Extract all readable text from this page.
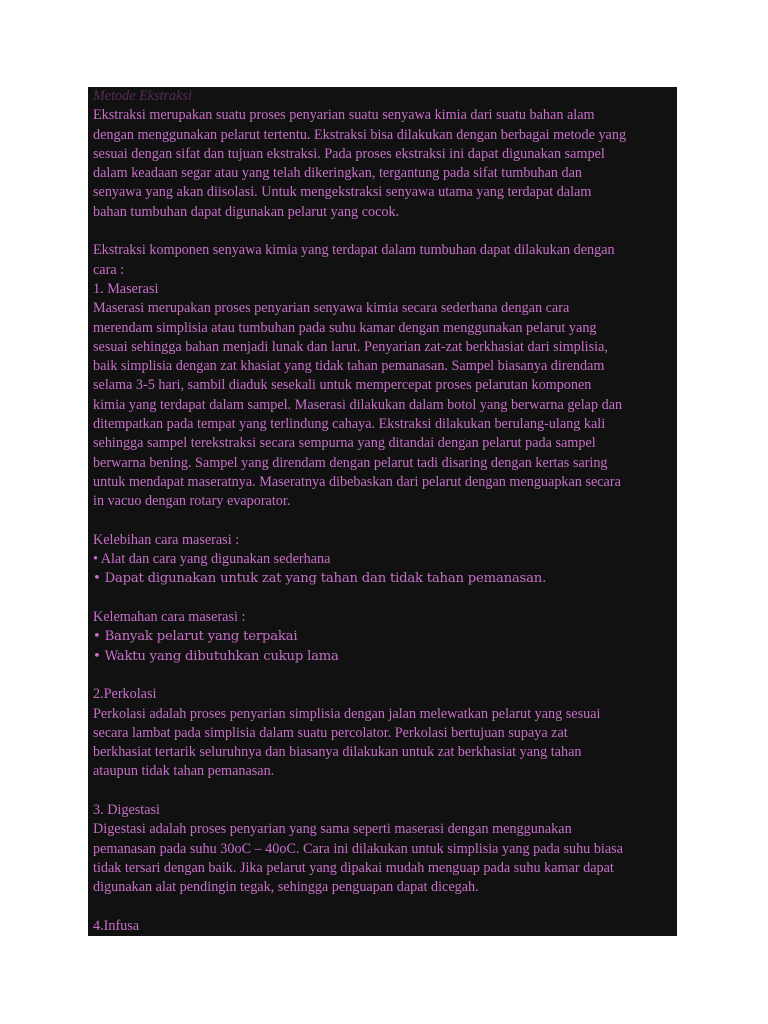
Metode Ekstraksi
Ekstraksi merupakan suatu proses penyarian suatu senyawa kimia dari suatu bahan alam
dengan menggunakan pelarut tertentu. Ekstraksi bisa dilakukan dengan berbagai metode yang
sesuai dengan sifat dan tujuan ekstraksi. Pada proses ekstraksi ini dapat digunakan sampel
dalam keadaan segar atau yang telah dikeringkan, tergantung pada sifat tumbuhan dan
senyawa yang akan diisolasi. Untuk mengekstraksi senyawa utama yang terdapat dalam
bahan tumbuhan dapat digunakan pelarut yang cocok.
Ekstraksi komponen senyawa kimia yang terdapat dalam tumbuhan dapat dilakukan dengan
cara :
1. Maserasi
Maserasi merupakan proses penyarian senyawa kimia secara sederhana dengan cara
merendam simplisia atau tumbuhan pada suhu kamar dengan menggunakan pelarut yang
sesuai sehingga bahan menjadi lunak dan larut. Penyarian zat-zat berkhasiat dari simplisia,
baik simplisia dengan zat khasiat yang tidak tahan pemanasan. Sampel biasanya direndam
selama 3-5 hari, sambil diaduk sesekali untuk mempercepat proses pelarutan komponen
kimia yang terdapat dalam sampel. Maserasi dilakukan dalam botol yang berwarna gelap dan
ditempatkan pada tempat yang terlindung cahaya. Ekstraksi dilakukan berulang-ulang kali
sehingga sampel terekstraksi secara sempurna yang ditandai dengan pelarut pada sampel
berwarna bening. Sampel yang direndam dengan pelarut tadi disaring dengan kertas saring
untuk mendapat maseratnya. Maseratnya dibebaskan dari pelarut dengan menguapkan secara
in vacuo dengan rotary evaporator.
Kelebihan cara maserasi :
• Alat dan cara yang digunakan sederhana
• Dapat digunakan untuk zat yang tahan dan tidak tahan pemanasan.
Kelemahan cara maserasi :
• Banyak pelarut yang terpakai
• Waktu yang dibutuhkan cukup lama
2.Perkolasi
Perkolasi adalah proses penyarian simplisia dengan jalan melewatkan pelarut yang sesuai
secara lambat pada simplisia dalam suatu percolator. Perkolasi bertujuan supaya zat
berkhasiat tertarik seluruhnya dan biasanya dilakukan untuk zat berkhasiat yang tahan
ataupun tidak tahan pemanasan.
3. Digestasi
Digestasi adalah proses penyarian yang sama seperti maserasi dengan menggunakan
pemanasan pada suhu 30oC – 40oC. Cara ini dilakukan untuk simplisia yang pada suhu biasa
tidak tersari dengan baik. Jika pelarut yang dipakai mudah menguap pada suhu kamar dapat
digunakan alat pendingin tegak, sehingga penguapan dapat dicegah.
4.Infusa
